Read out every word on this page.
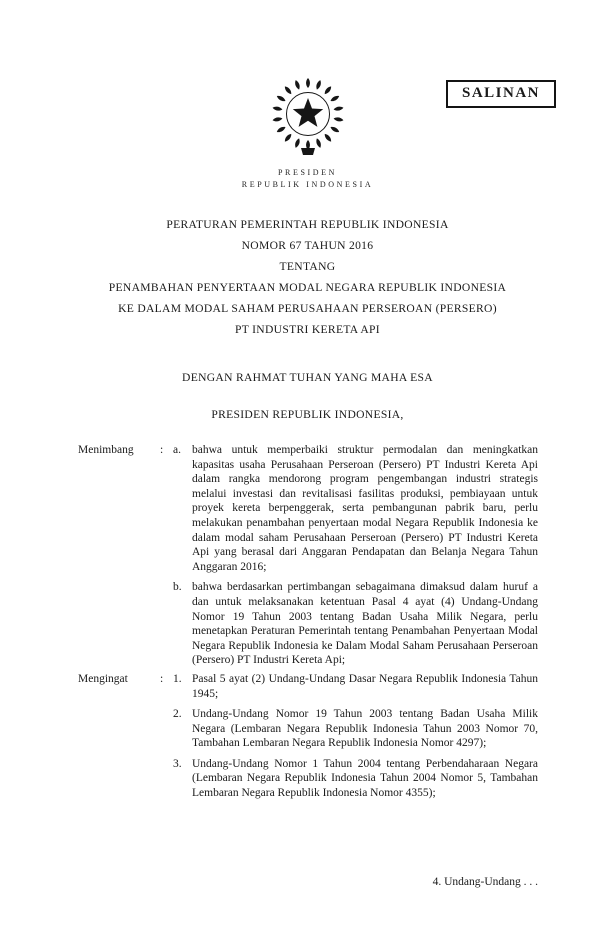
SALINAN
PRESIDEN
REPUBLIK INDONESIA
PERATURAN PEMERINTAH REPUBLIK INDONESIA
NOMOR 67 TAHUN 2016
TENTANG
PENAMBAHAN PENYERTAAN MODAL NEGARA REPUBLIK INDONESIA
KE DALAM MODAL SAHAM PERUSAHAAN PERSEROAN (PERSERO)
PT INDUSTRI KERETA API
DENGAN RAHMAT TUHAN YANG MAHA ESA
PRESIDEN REPUBLIK INDONESIA,
Menimbang	: a. bahwa untuk memperbaiki struktur permodalan dan meningkatkan kapasitas usaha Perusahaan Perseroan (Persero) PT Industri Kereta Api dalam rangka mendorong program pengembangan industri strategis melalui investasi dan revitalisasi fasilitas produksi, pembiayaan untuk proyek kereta berpenggerak, serta pembangunan pabrik baru, perlu melakukan penambahan penyertaan modal Negara Republik Indonesia ke dalam modal saham Perusahaan Perseroan (Persero) PT Industri Kereta Api yang berasal dari Anggaran Pendapatan dan Belanja Negara Tahun Anggaran 2016;
b. bahwa berdasarkan pertimbangan sebagaimana dimaksud dalam huruf a dan untuk melaksanakan ketentuan Pasal 4 ayat (4) Undang-Undang Nomor 19 Tahun 2003 tentang Badan Usaha Milik Negara, perlu menetapkan Peraturan Pemerintah tentang Penambahan Penyertaan Modal Negara Republik Indonesia ke Dalam Modal Saham Perusahaan Perseroan (Persero) PT Industri Kereta Api;
Mengingat	: 1. Pasal 5 ayat (2) Undang-Undang Dasar Negara Republik Indonesia Tahun 1945;
2. Undang-Undang Nomor 19 Tahun 2003 tentang Badan Usaha Milik Negara (Lembaran Negara Republik Indonesia Tahun 2003 Nomor 70, Tambahan Lembaran Negara Republik Indonesia Nomor 4297);
3. Undang-Undang Nomor 1 Tahun 2004 tentang Perbendaharaan Negara (Lembaran Negara Republik Indonesia Tahun 2004 Nomor 5, Tambahan Lembaran Negara Republik Indonesia Nomor 4355);
4. Undang-Undang . . .
